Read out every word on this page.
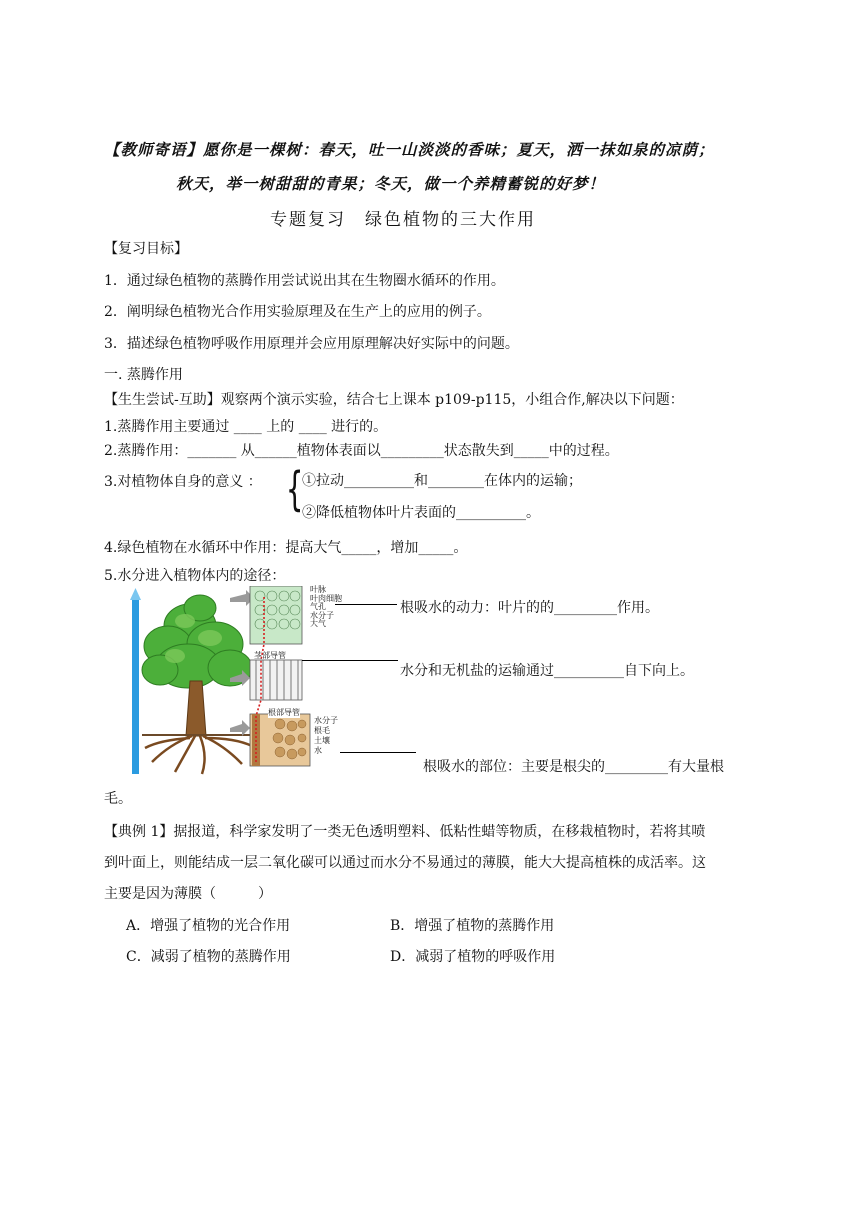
【教师寄语】愿你是一棵树：春天，吐一山淡淡的香味；夏天，洒一抹如泉的凉荫；
秋天，举一树甜甜的青果；冬天，做一个养精蓄锐的好梦！
专题复习　绿色植物的三大作用
【复习目标】
1．通过绿色植物的蒸腾作用尝试说出其在生物圈水循环的作用。
2．阐明绿色植物光合作用实验原理及在生产上的应用的例子。
3．描述绿色植物呼吸作用原理并会应用原理解决好实际中的问题。
一. 蒸腾作用
【生生尝试-互助】观察两个演示实验，结合七上课本 p109-p115，小组合作,解决以下问题：
1.蒸腾作用主要通过 ____ 上的 ____ 进行的。
2.蒸腾作用：_______ 从______植物体表面以_________状态散失到_____中的过程。
3.对植物体自身的意义 ： {
①拉动__________和________在体内的运输；
②降低植物体叶片表面的__________。
4.绿色植物在水循环中作用：提高大气_____，增加_____。
5.水分进入植物体内的途径：
叶脉
叶肉细胞
气孔
水分子
大气
茎部导管
根部导管
水分子
根毛
土壤
水
根吸水的动力：叶片的的_________作用。
水分和无机盐的运输通过__________自下向上。
根吸水的部位：主要是根尖的_________有大量根
毛。
【典例 1】据报道，科学家发明了一类无色透明塑料、低粘性蜡等物质，在移栽植物时，若将其喷
到叶面上，则能结成一层二氧化碳可以通过而水分不易通过的薄膜，能大大提高植株的成活率。这
主要是因为薄膜（　　　）
A．增强了植物的光合作用	B．增强了植物的蒸腾作用
C．减弱了植物的蒸腾作用	D．减弱了植物的呼吸作用
